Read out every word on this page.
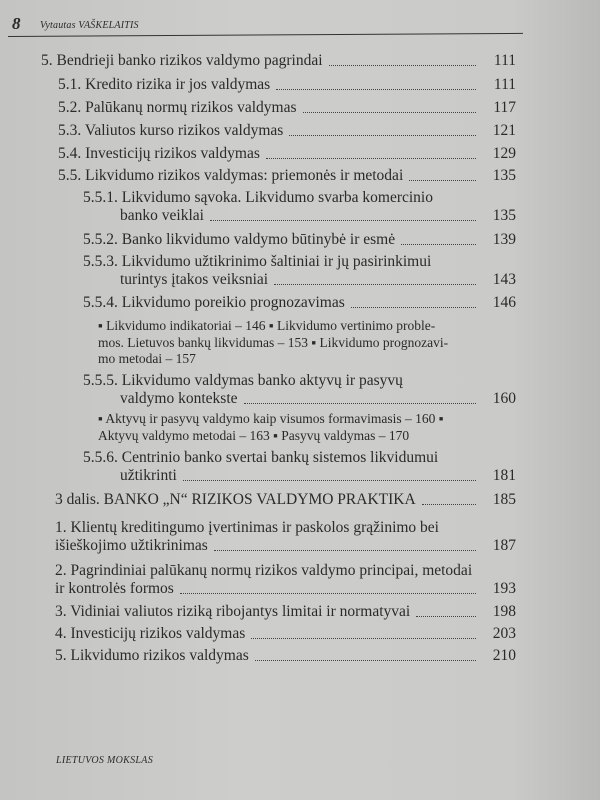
8 Vytautas VAŠKELAITIS
5. Bendrieji banko rizikos valdymo pagrindai	111
5.1. Kredito rizika ir jos valdymas	111
5.2. Palūkanų normų rizikos valdymas	117
5.3. Valiutos kurso rizikos valdymas	121
5.4. Investicijų rizikos valdymas	129
5.5. Likvidumo rizikos valdymas: priemonės ir metodai	135
5.5.1. Likvidumo sąvoka. Likvidumo svarba komercinio
banko veiklai	135
5.5.2. Banko likvidumo valdymo būtinybė ir esmė	139
5.5.3. Likvidumo užtikrinimo šaltiniai ir jų pasirinkimui
turintys įtakos veiksniai	143
5.5.4. Likvidumo poreikio prognozavimas	146
5.5.5. Likvidumo valdymas banko aktyvų ir pasyvų
valdymo kontekste	160
5.5.6. Centrinio banko svertai bankų sistemos likvidumui
užtikrinti	181
3 dalis. BANKO „N“ RIZIKOS VALDYMO PRAKTIKA	185
1. Klientų kreditingumo įvertinimas ir paskolos grąžinimo bei
išieškojimo užtikrinimas	187
2. Pagrindiniai palūkanų normų rizikos valdymo principai, metodai
ir kontrolės formos	193
3. Vidiniai valiutos riziką ribojantys limitai ir normatyvai	198
4. Investicijų rizikos valdymas	203
5. Likvidumo rizikos valdymas	210
▪ Likvidumo indikatoriai – 146 ▪ Likvidumo vertinimo proble-
mos. Lietuvos bankų likvidumas – 153 ▪ Likvidumo prognozavi-
mo metodai – 157
▪ Aktyvų ir pasyvų valdymo kaip visumos formavimasis – 160 ▪
Aktyvų valdymo metodai – 163 ▪ Pasyvų valdymas – 170
LIETUVOS MOKSLAS
